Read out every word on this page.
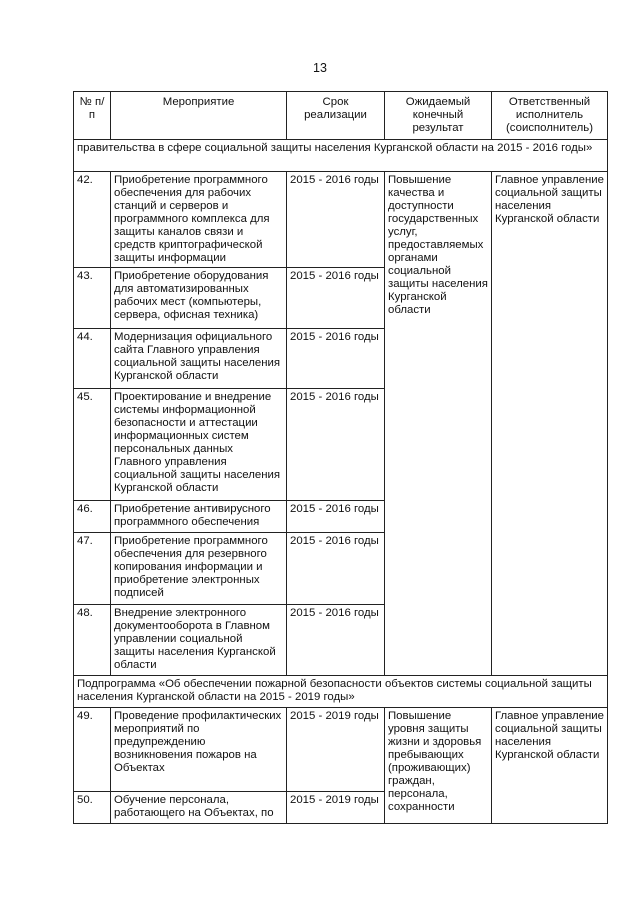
13
№ п/п	Мероприятие	Срок реализации	Ожидаемый конечный результат	Ответственный исполнитель (соисполнитель)
правительства в сфере социальной защиты населения Курганской области на 2015 - 2016 годы»				
42.	Приобретение программного обеспечения для рабочих станций и серверов и программного комплекса для защиты каналов связи и средств криптографической защиты информации	2015 - 2016 годы	Повышение качества и доступности государственных услуг, предоставляемых органами социальной защиты населения Курганской области	Главное управление социальной защиты населения Курганской области
43.	Приобретение оборудования для автоматизированных рабочих мест (компьютеры, сервера, офисная техника)	2015 - 2016 годы		
44.	Модернизация официального сайта Главного управления социальной защиты населения Курганской области	2015 - 2016 годы		
45.	Проектирование и внедрение системы информационной безопасности и аттестации информационных систем персональных данных Главного управления социальной защиты населения Курганской области	2015 - 2016 годы		
46.	Приобретение антивирусного программного обеспечения	2015 - 2016 годы		
47.	Приобретение программного обеспечения для резервного копирования информации и приобретение электронных подписей	2015 - 2016 годы		
48.	Внедрение электронного документооборота в Главном управлении социальной защиты населения Курганской области	2015 - 2016 годы		
Подпрограмма «Об обеспечении пожарной безопасности объектов системы социальной защиты населения Курганской области на 2015 - 2019 годы»				
49.	Проведение профилактических мероприятий по предупреждению возникновения пожаров на Объектах	2015 - 2019 годы	Повышение уровня защиты жизни и здоровья пребывающих (проживающих) граждан, персонала, сохранности	Главное управление социальной защиты населения Курганской области
50.	Обучение персонала, работающего на Объектах, по	2015 - 2019 годы		
